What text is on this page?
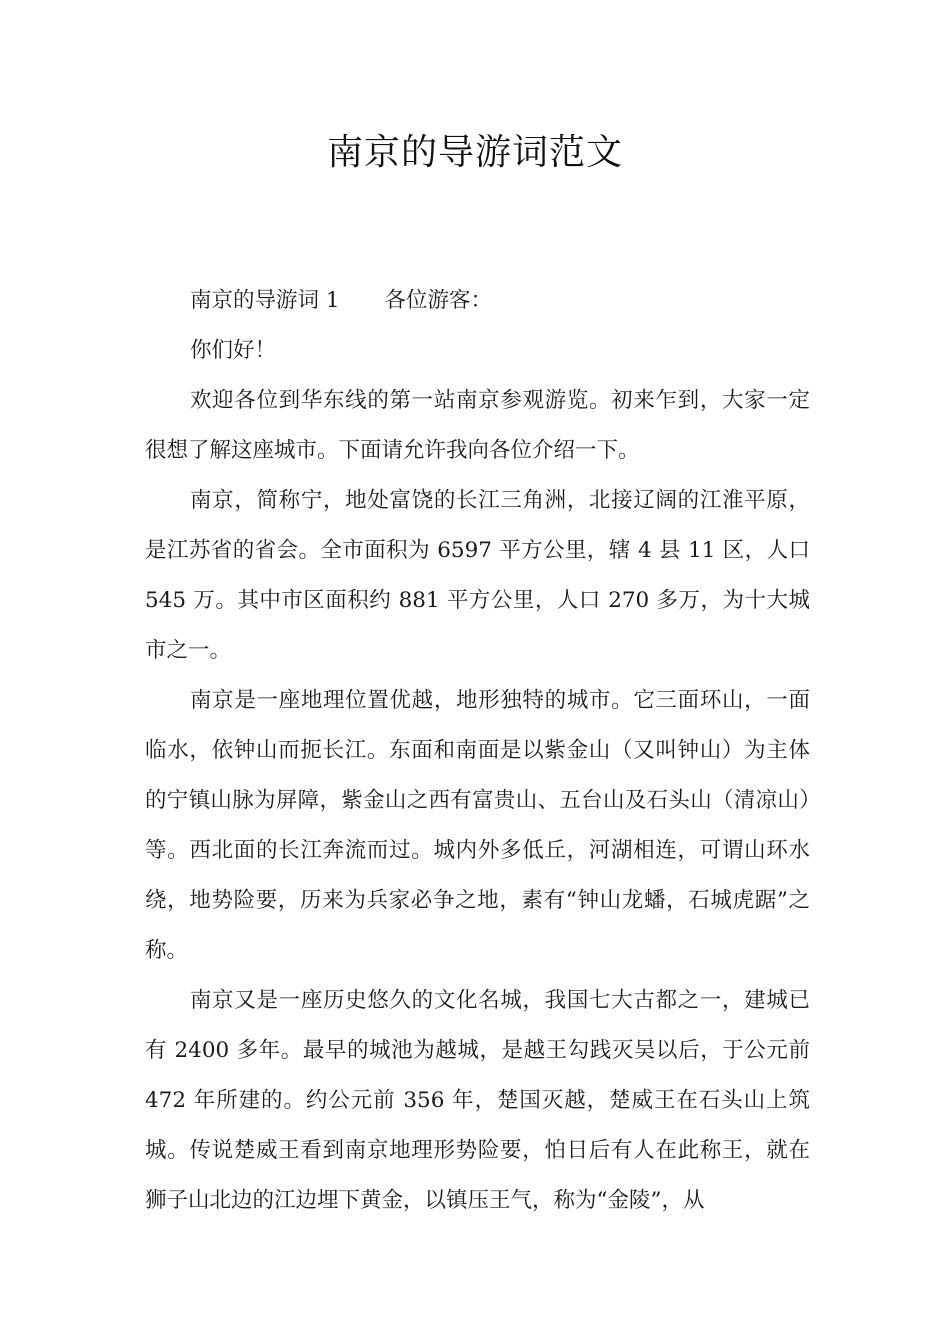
南京的导游词范文

南京的导游词 1 各位游客：

你们好！

欢迎各位到华东线的第一站南京参观游览。初来乍到，大家一定很想了解这座城市。下面请允许我向各位介绍一下。

南京，简称宁，地处富饶的长江三角洲，北接辽阔的江淮平原，是江苏省的省会。全市面积为 6597 平方公里，辖 4 县 11 区，人口 545 万。其中市区面积约 881 平方公里，人口 270 多万，为十大城市之一。

南京是一座地理位置优越，地形独特的城市。它三面环山，一面临水，依钟山而扼长江。东面和南面是以紫金山（又叫钟山）为主体的宁镇山脉为屏障，紫金山之西有富贵山、五台山及石头山（清凉山）等。西北面的长江奔流而过。城内外多低丘，河湖相连，可谓山环水绕，地势险要，历来为兵家必争之地，素有“钟山龙蟠，石城虎踞”之称。

南京又是一座历史悠久的文化名城，我国七大古都之一，建城已有 2400 多年。最早的城池为越城，是越王勾践灭吴以后，于公元前 472 年所建的。约公元前 356 年，楚国灭越，楚威王在石头山上筑城。传说楚威王看到南京地理形势险要，怕日后有人在此称王，就在狮子山北边的江边埋下黄金，以镇压王气，称为“金陵”，从
